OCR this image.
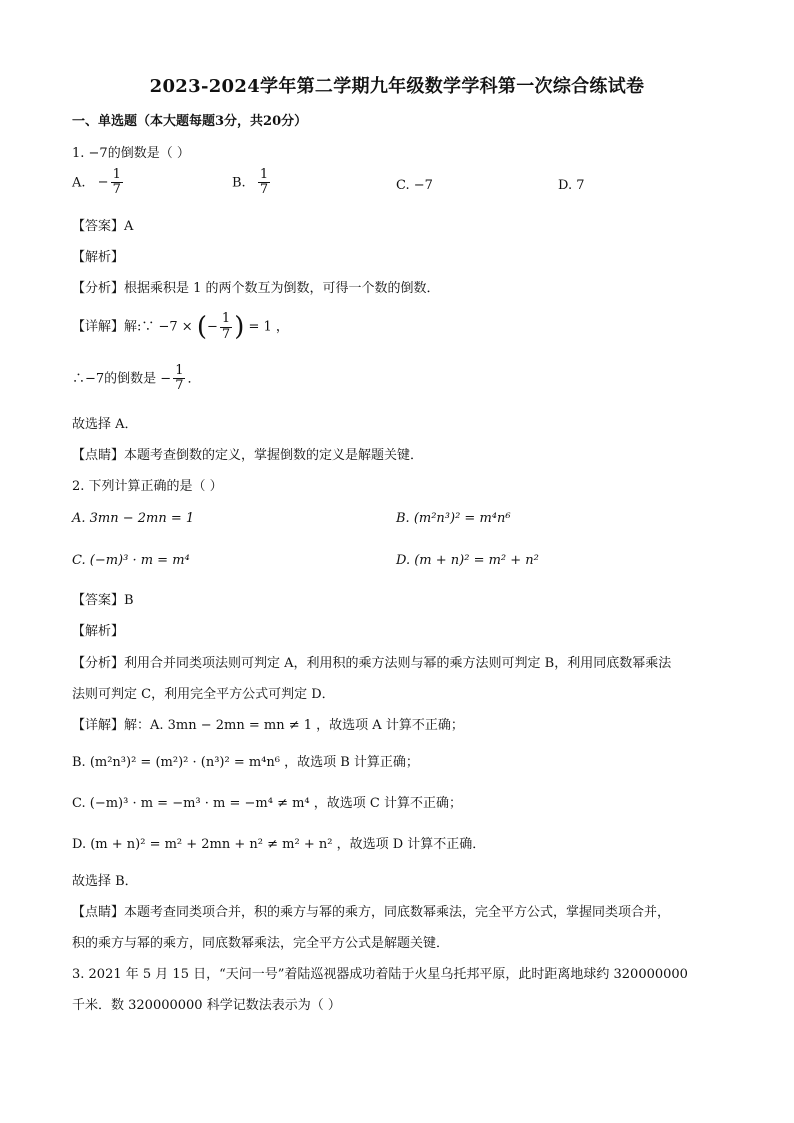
2023-2024学年第二学期九年级数学学科第一次综合练试卷
一、单选题（本大题每题3分，共20分）
1. −7的倒数是（ ）
A. − $\frac{1}{7}$	B. $\frac{1}{7}$	C. −7	D. 7
【答案】A
【解析】
【分析】根据乘积是 1 的两个数互为倒数，可得一个数的倒数．
【详解】解:∵ −7 × (− $\frac{1}{7}$ ) = 1 ，
∴−7的倒数是 − $\frac{1}{7}$ ．
故选择 A．
【点睛】本题考查倒数的定义，掌握倒数的定义是解题关键．
2. 下列计算正确的是（ ）
A. 3mn − 2mn = 1	B. (m²n³)² = m⁴n⁶
C. (−m)³ · m = m⁴	D. (m + n)² = m² + n²
【答案】B
【解析】
【分析】利用合并同类项法则可判定 A，利用积的乘方法则与幂的乘方法则可判定 B，利用同底数幂乘法
法则可判定 C，利用完全平方公式可判定 D．
【详解】解：A. 3mn − 2mn = mn ≠ 1 ，故选项 A 计算不正确；
B. (m²n³)² = (m²)² · (n³)² = m⁴n⁶ ，故选项 B 计算正确；
C. (−m)³ · m = −m³ · m = −m⁴ ≠ m⁴ ，故选项 C 计算不正确；
D. (m + n)² = m² + 2mn + n² ≠ m² + n² ，故选项 D 计算不正确．
故选择 B．
【点睛】本题考查同类项合并，积的乘方与幂的乘方，同底数幂乘法，完全平方公式，掌握同类项合并，
积的乘方与幂的乘方，同底数幂乘法，完全平方公式是解题关键．
3. 2021 年 5 月 15 日，“天问一号”着陆巡视器成功着陆于火星乌托邦平原，此时距离地球约 320000000
千米．数 320000000 科学记数法表示为（ ）
